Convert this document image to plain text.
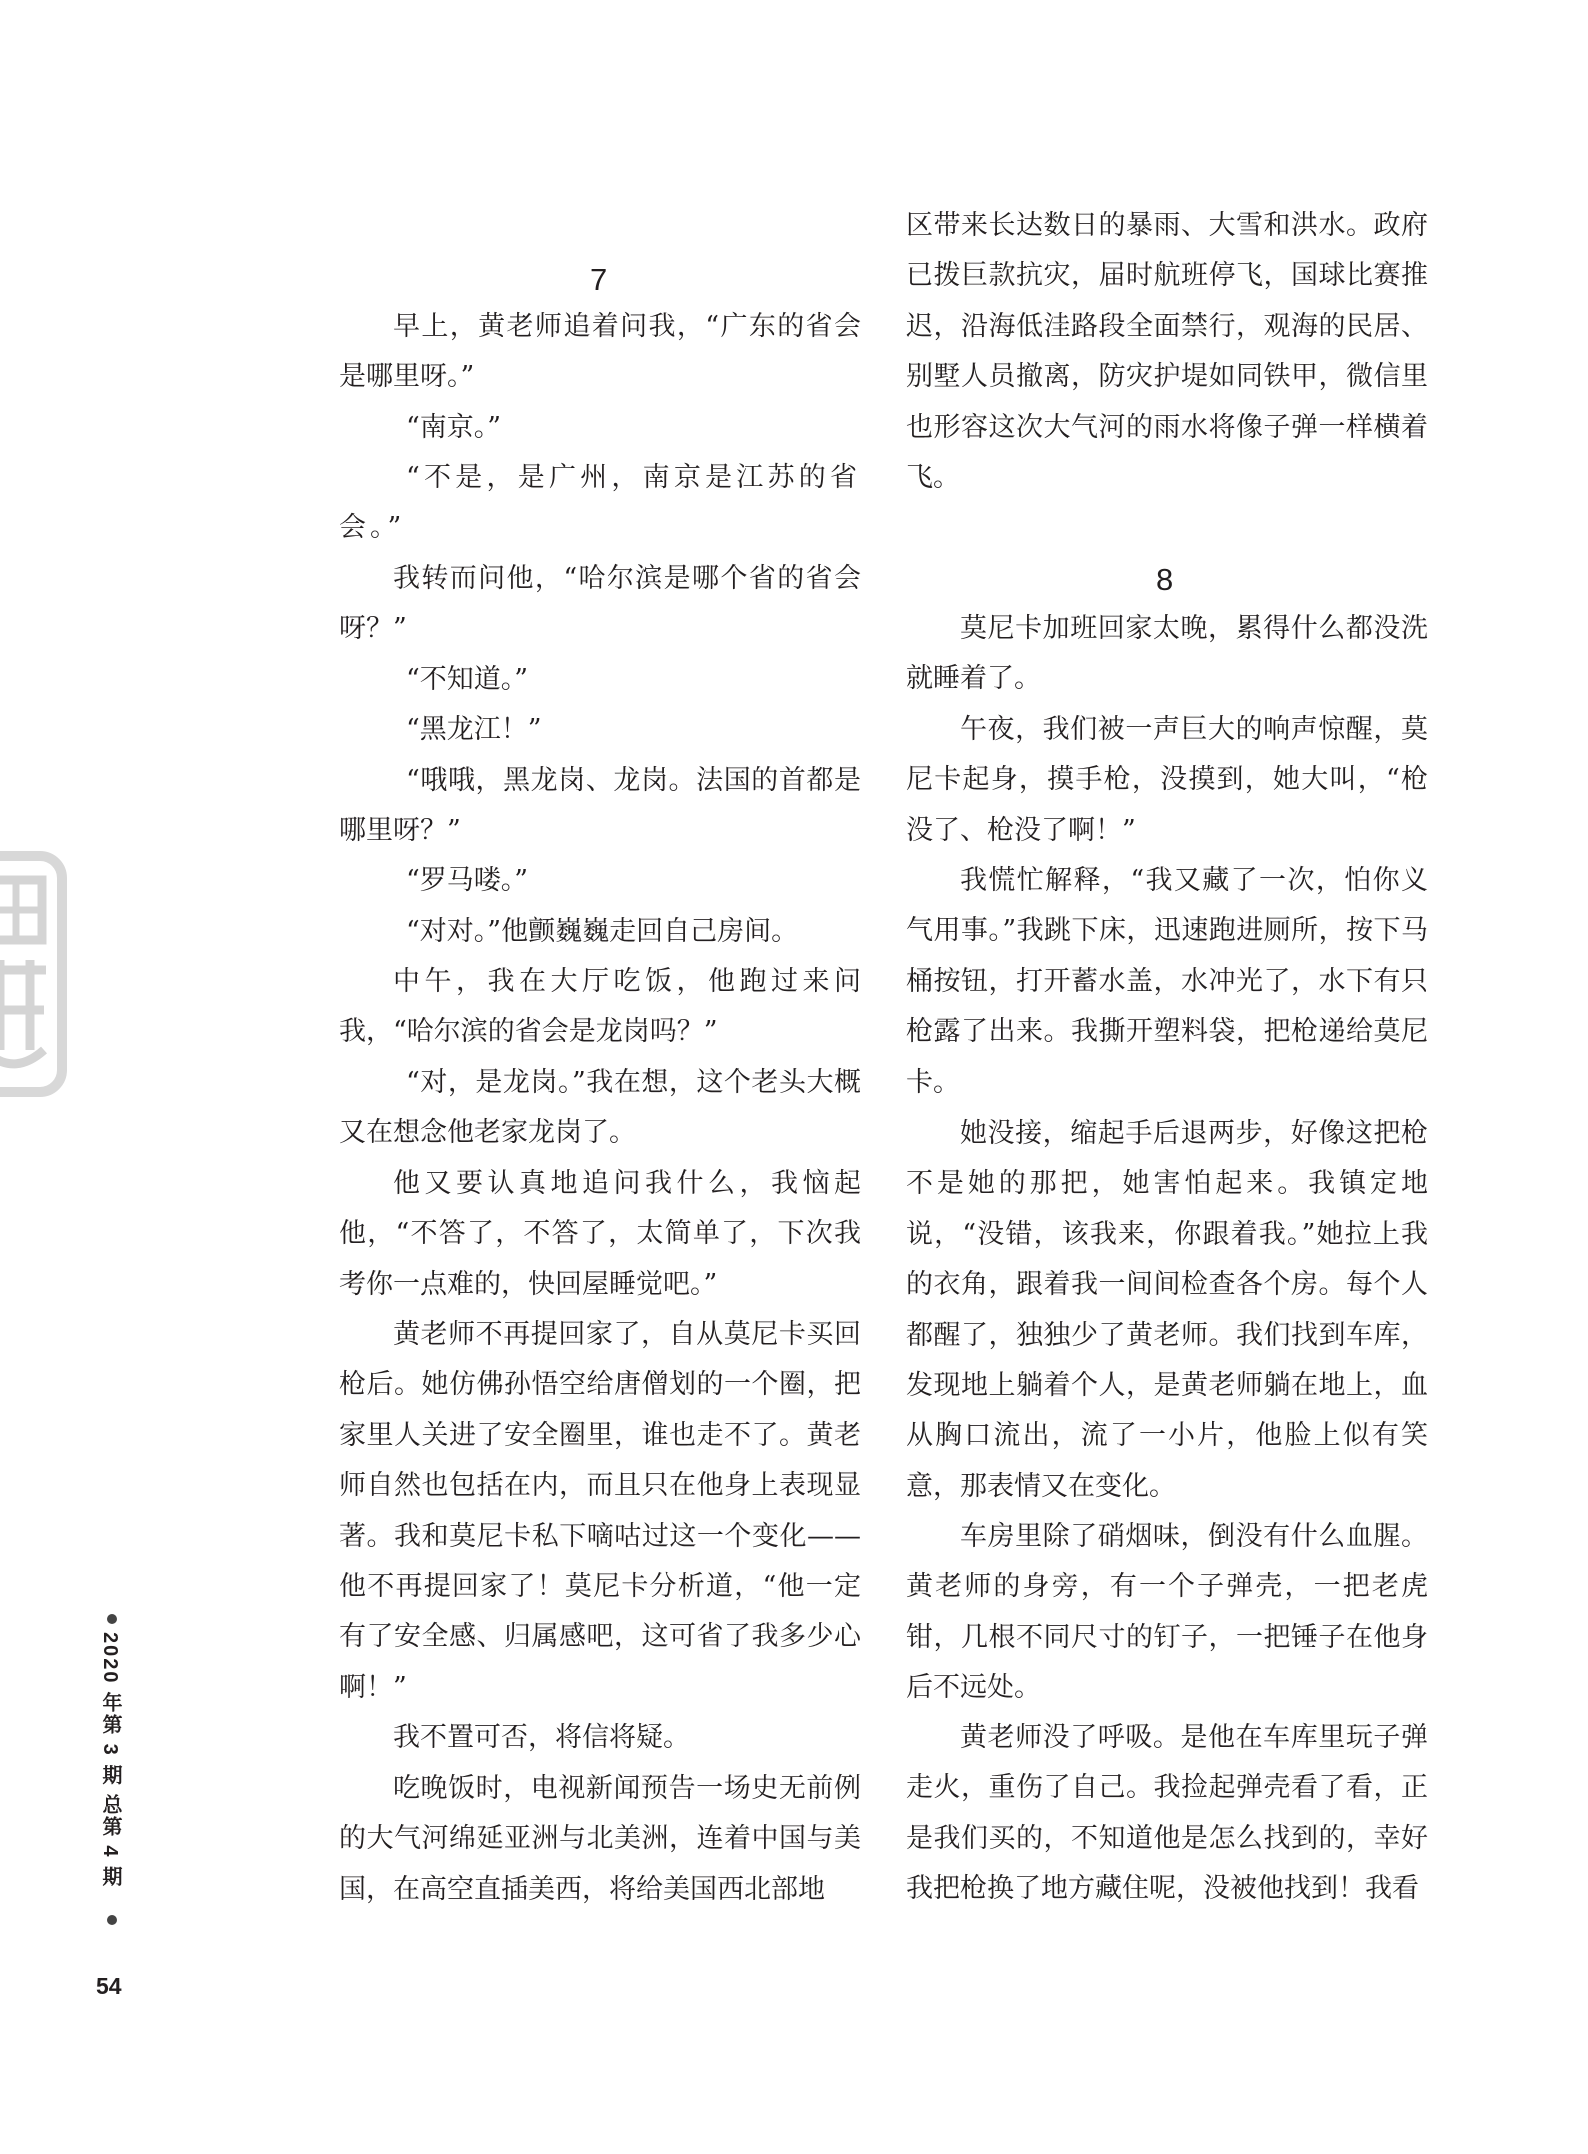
7

早上，黄老师追着问我，“广东的省会是哪里呀。”

“南京。”

“不是，是广州，南京是江苏的省会。”

我转而问他，“哈尔滨是哪个省的省会呀？”

“不知道。”

“黑龙江！”

“哦哦，黑龙岗、龙岗。法国的首都是哪里呀？”

“罗马喽。”

“对对。”他颤巍巍走回自己房间。

中午，我在大厅吃饭，他跑过来问我，“哈尔滨的省会是龙岗吗？”

“对，是龙岗。”我在想，这个老头大概又在想念他老家龙岗了。

他又要认真地追问我什么，我恼起他，“不答了，不答了，太简单了，下次我考你一点难的，快回屋睡觉吧。”

黄老师不再提回家了，自从莫尼卡买回枪后。她仿佛孙悟空给唐僧划的一个圈，把家里人关进了安全圈里，谁也走不了。黄老师自然也包括在内，而且只在他身上表现显著。我和莫尼卡私下嘀咕过这一个变化——他不再提回家了！莫尼卡分析道，“他一定有了安全感、归属感吧，这可省了我多少心啊！”

我不置可否，将信将疑。

吃晚饭时，电视新闻预告一场史无前例的大气河绵延亚洲与北美洲，连着中国与美国，在高空直插美西，将给美国西北部地

区带来长达数日的暴雨、大雪和洪水。政府已拨巨款抗灾，届时航班停飞，国球比赛推迟，沿海低洼路段全面禁行，观海的民居、别墅人员撤离，防灾护堤如同铁甲，微信里也形容这次大气河的雨水将像子弹一样横着飞。

8

莫尼卡加班回家太晚，累得什么都没洗就睡着了。

午夜，我们被一声巨大的响声惊醒，莫尼卡起身，摸手枪，没摸到，她大叫，“枪没了、枪没了啊！”

我慌忙解释，“我又藏了一次，怕你义气用事。”我跳下床，迅速跑进厕所，按下马桶按钮，打开蓄水盖，水冲光了，水下有只枪露了出来。我撕开塑料袋，把枪递给莫尼卡。

她没接，缩起手后退两步，好像这把枪不是她的那把，她害怕起来。我镇定地说，“没错，该我来，你跟着我。”她拉上我的衣角，跟着我一间间检查各个房。每个人都醒了，独独少了黄老师。我们找到车库，发现地上躺着个人，是黄老师躺在地上，血从胸口流出，流了一小片，他脸上似有笑意，那表情又在变化。

车房里除了硝烟味，倒没有什么血腥。黄老师的身旁，有一个子弹壳，一把老虎钳，几根不同尺寸的钉子，一把锤子在他身后不远处。

黄老师没了呼吸。是他在车库里玩子弹走火，重伤了自己。我捡起弹壳看了看，正是我们买的，不知道他是怎么找到的，幸好我把枪换了地方藏住呢，没被他找到！我看

2020 年第 3 期 总第 4 期
54
